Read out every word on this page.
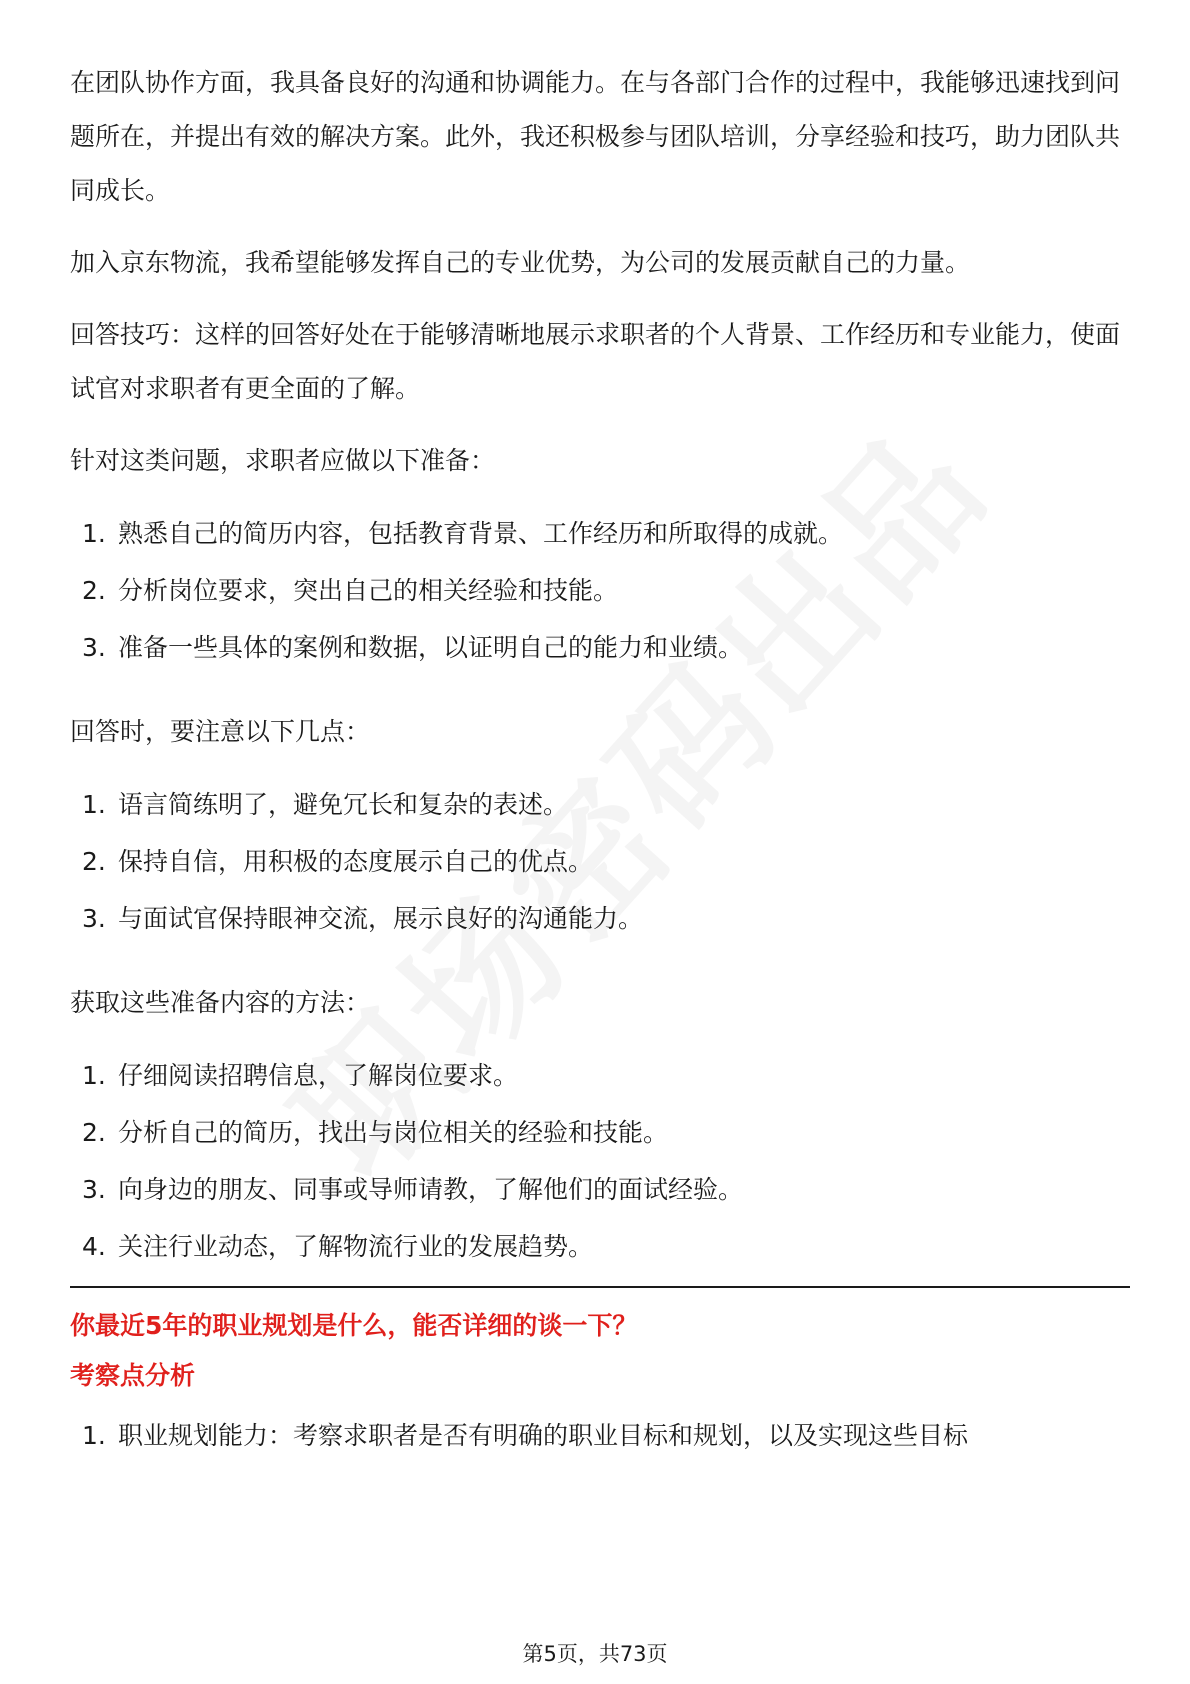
在团队协作方面，我具备良好的沟通和协调能力。在与各部门合作的过程中，我能够迅速找到问题所在，并提出有效的解决方案。此外，我还积极参与团队培训，分享经验和技巧，助力团队共同成长。

加入京东物流，我希望能够发挥自己的专业优势，为公司的发展贡献自己的力量。

回答技巧：这样的回答好处在于能够清晰地展示求职者的个人背景、工作经历和专业能力，使面试官对求职者有更全面的了解。

针对这类问题，求职者应做以下准备：

1. 熟悉自己的简历内容，包括教育背景、工作经历和所取得的成就。
2. 分析岗位要求，突出自己的相关经验和技能。
3. 准备一些具体的案例和数据，以证明自己的能力和业绩。

回答时，要注意以下几点：

1. 语言简练明了，避免冗长和复杂的表述。
2. 保持自信，用积极的态度展示自己的优点。
3. 与面试官保持眼神交流，展示良好的沟通能力。

获取这些准备内容的方法：

1. 仔细阅读招聘信息，了解岗位要求。
2. 分析自己的简历，找出与岗位相关的经验和技能。
3. 向身边的朋友、同事或导师请教，了解他们的面试经验。
4. 关注行业动态，了解物流行业的发展趋势。

你最近5年的职业规划是什么，能否详细的谈一下？

考察点分析

1. 职业规划能力：考察求职者是否有明确的职业目标和规划，以及实现这些目标
第5页，共73页
